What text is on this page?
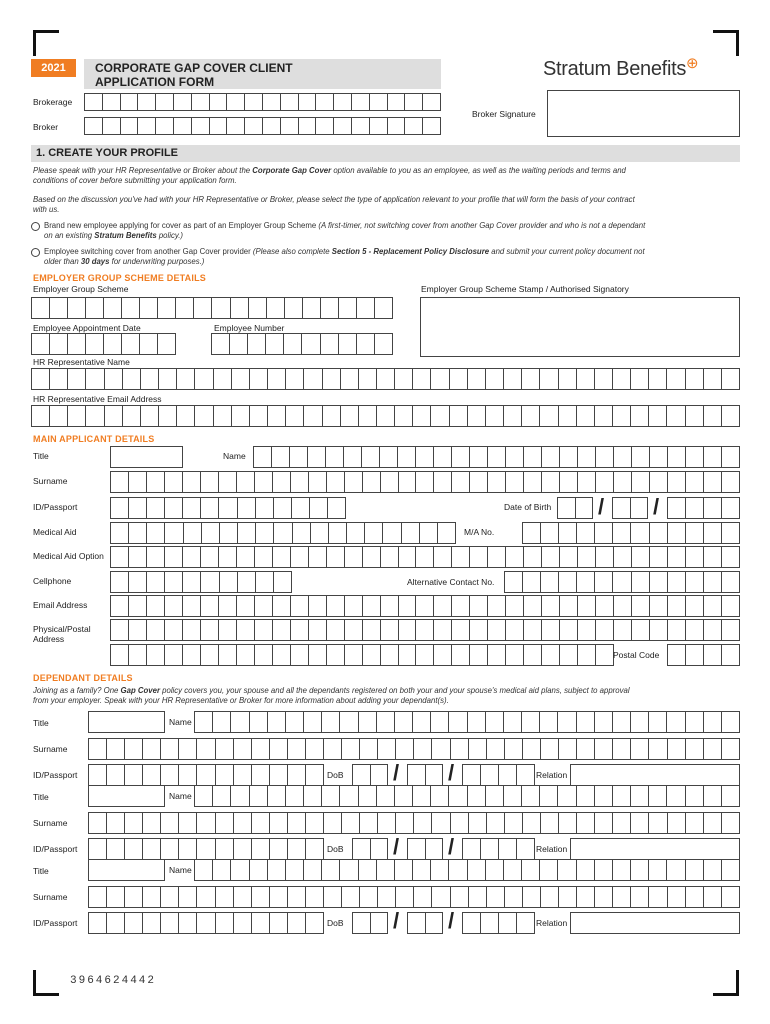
2021	CORPORATE GAP COVER CLIENT
APPLICATION FORM
Stratum Benefits⊕
Brokerage
Broker
Broker Signature
1. CREATE YOUR PROFILE
Please speak with your HR Representative or Broker about the Corporate Gap Cover option available to you as an employee, as well as the waiting periods and terms and
conditions of cover before submitting your application form.
Based on the discussion you've had with your HR Representative or Broker, please select the type of application relevant to your profile that will form the basis of your contract
with us.
Brand new employee applying for cover as part of an Employer Group Scheme (A first-timer, not switching cover from another Gap Cover provider and who is not a dependant
on an existing Stratum Benefits policy.)
Employee switching cover from another Gap Cover provider (Please also complete Section 5 - Replacement Policy Disclosure and submit your current policy document not
older than 30 days for underwriting purposes.)
EMPLOYER GROUP SCHEME DETAILS
Employer Group Scheme	Employer Group Scheme Stamp / Authorised Signatory
Employee Appointment Date	Employee Number
HR Representative Name
HR Representative Email Address
MAIN APPLICANT DETAILS
Title	Name
Surname
ID/Passport	Date of Birth / /
Medical Aid	M/A No.
Medical Aid Option
Cellphone	Alternative Contact No.
Email Address
Physical/Postal
Address
Postal Code
DEPENDANT DETAILS
Joining as a family? One Gap Cover policy covers you, your spouse and all the dependants registered on both your and your spouse's medical aid plans, subject to approval
from your employer. Speak with your HR Representative or Broker for more information about adding your dependant(s).
Title	Name
Surname
ID/Passport	DoB / /	Relation
Title	Name
Surname
ID/Passport	DoB / /	Relation
Title	Name
Surname
ID/Passport	DoB / /	Relation
3964624442
